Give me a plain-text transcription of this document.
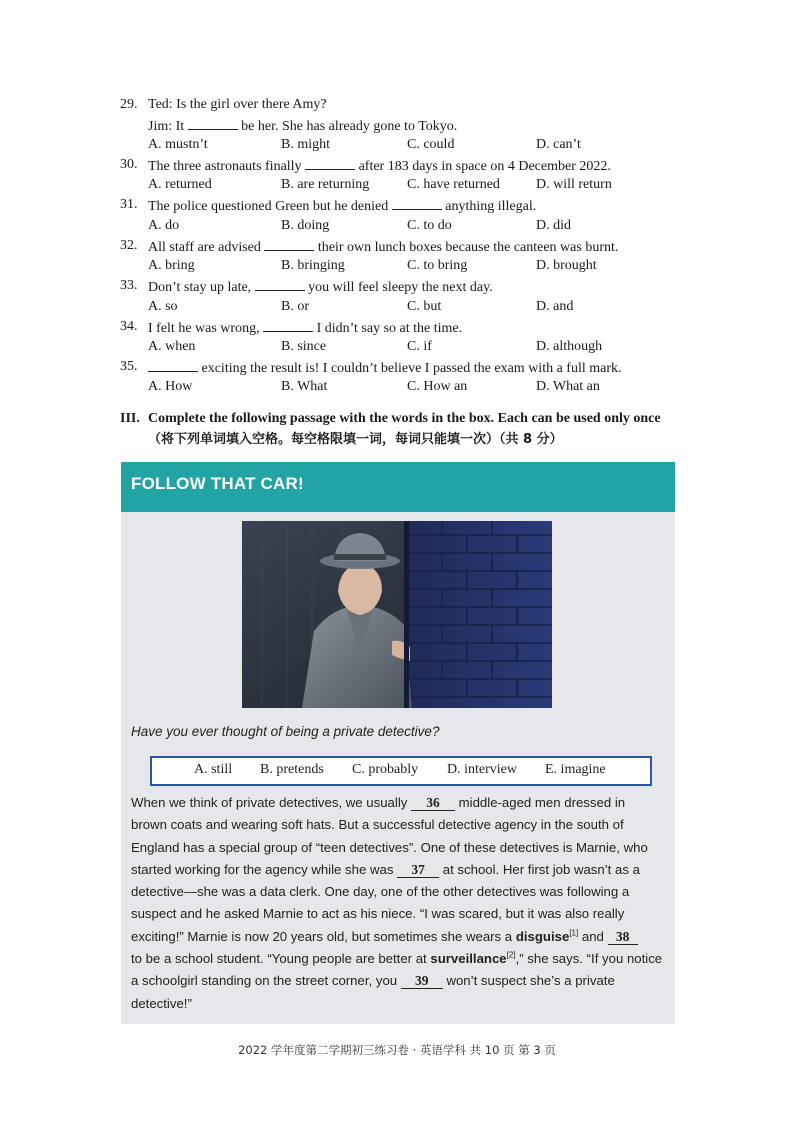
29. Ted: Is the girl over there Amy?
Jim: It	be her. She has already gone to Tokyo.
A. mustn’t	B. might	C. could	D. can’t
30. The three astronauts finally	after 183 days in space on 4 December 2022.
A. returned	B. are returning	C. have returned	D. will return
31. The police questioned Green but he denied	anything illegal.
A. do	B. doing	C. to do	D. did
32. All staff are advised	their own lunch boxes because the canteen was burnt.
A. bring	B. bringing	C. to bring	D. brought
33. Don’t stay up late,	you will feel sleepy the next day.
A. so	B. or	C. but	D. and
34. I felt he was wrong,	I didn’t say so at the time.
A. when	B. since	C. if	D. although
35.	exciting the result is! I couldn’t believe I passed the exam with a full mark.
A. How	B. What	C. How an	D. What an
III. Complete the following passage with the words in the box. Each can be used only once
（将下列单词填入空格。每空格限填一词，每词只能填一次）（共 8 分）
FOLLOW THAT CAR!
Have you ever thought of being a private detective?
A. still B. pretends C. probably D. interview E. imagine
When we think of private detectives, we usually 36 middle-aged men dressed in
brown coats and wearing soft hats. But a successful detective agency in the south of
England has a special group of “teen detectives”. One of these detectives is Marnie, who
started working for the agency while she was 37 at school. Her first job wasn’t as a
detective—she was a data clerk. One day, one of the other detectives was following a
suspect and he asked Marnie to act as his niece. “I was scared, but it was also really
exciting!” Marnie is now 20 years old, but sometimes she wears a disguise[1] and 38
to be a school student. “Young people are better at surveillance[2],” she says. “If you notice
a schoolgirl standing on the street corner, you 39 won’t suspect she’s a private
detective!”
2022 学年度第二学期初三练习卷 · 英语学科 共 10 页 第 3 页
